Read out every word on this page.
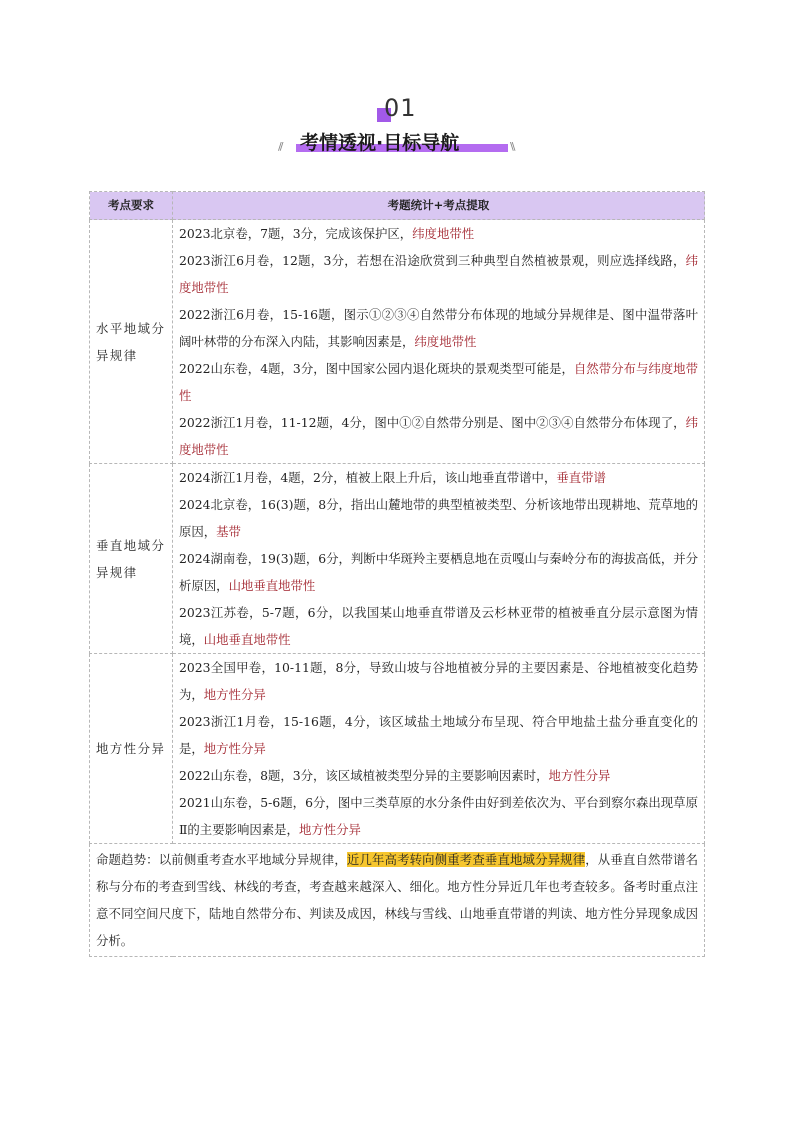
01
// 考情透视·目标导航	\\
考点要求	考题统计+考点提取
水平地域分异规律	2023北京卷，7题，3分，完成该保护区，纬度地带性
2023浙江6月卷，12题，3分，若想在沿途欣赏到三种典型自然植被景观，则应选择线路，纬度地带性
2022浙江6月卷，15-16题，图示①②③④自然带分布体现的地域分异规律是、图中温带落叶阔叶林带的分布深入内陆，其影响因素是，纬度地带性
2022山东卷，4题，3分，图中国家公园内退化斑块的景观类型可能是，自然带分布与纬度地带性
2022浙江1月卷，11-12题，4分，图中①②自然带分别是、图中②③④自然带分布体现了，纬度地带性

垂直地域分异规律	2024浙江1月卷，4题，2分，植被上限上升后，该山地垂直带谱中，垂直带谱
2024北京卷，16(3)题，8分，指出山麓地带的典型植被类型、分析该地带出现耕地、荒草地的原因，基带
2024湖南卷，19(3)题，6分，判断中华斑羚主要栖息地在贡嘎山与秦岭分布的海拔高低，并分析原因，山地垂直地带性
2023江苏卷，5-7题，6分，以我国某山地垂直带谱及云杉林亚带的植被垂直分层示意图为情境，山地垂直地带性

地方性分异	2023全国甲卷，10-11题，8分，导致山坡与谷地植被分异的主要因素是、谷地植被变化趋势为，地方性分异
2023浙江1月卷，15-16题，4分，该区域盐土地域分布呈现、符合甲地盐土盐分垂直变化的是，地方性分异
2022山东卷，8题，3分，该区域植被类型分异的主要影响因素时，地方性分异
2021山东卷，5-6题，6分，图中三类草原的水分条件由好到差依次为、平台到察尔森出现草原Ⅱ的主要影响因素是，地方性分异

命题趋势：以前侧重考查水平地域分异规律，近几年高考转向侧重考查垂直地域分异规律，从垂直自然带谱名称与分布的考查到雪线、林线的考查，考查越来越深入、细化。地方性分异近几年也考查较多。备考时重点注意不同空间尺度下，陆地自然带分布、判读及成因，林线与雪线、山地垂直带谱的判读、地方性分异现象成因分析。	
